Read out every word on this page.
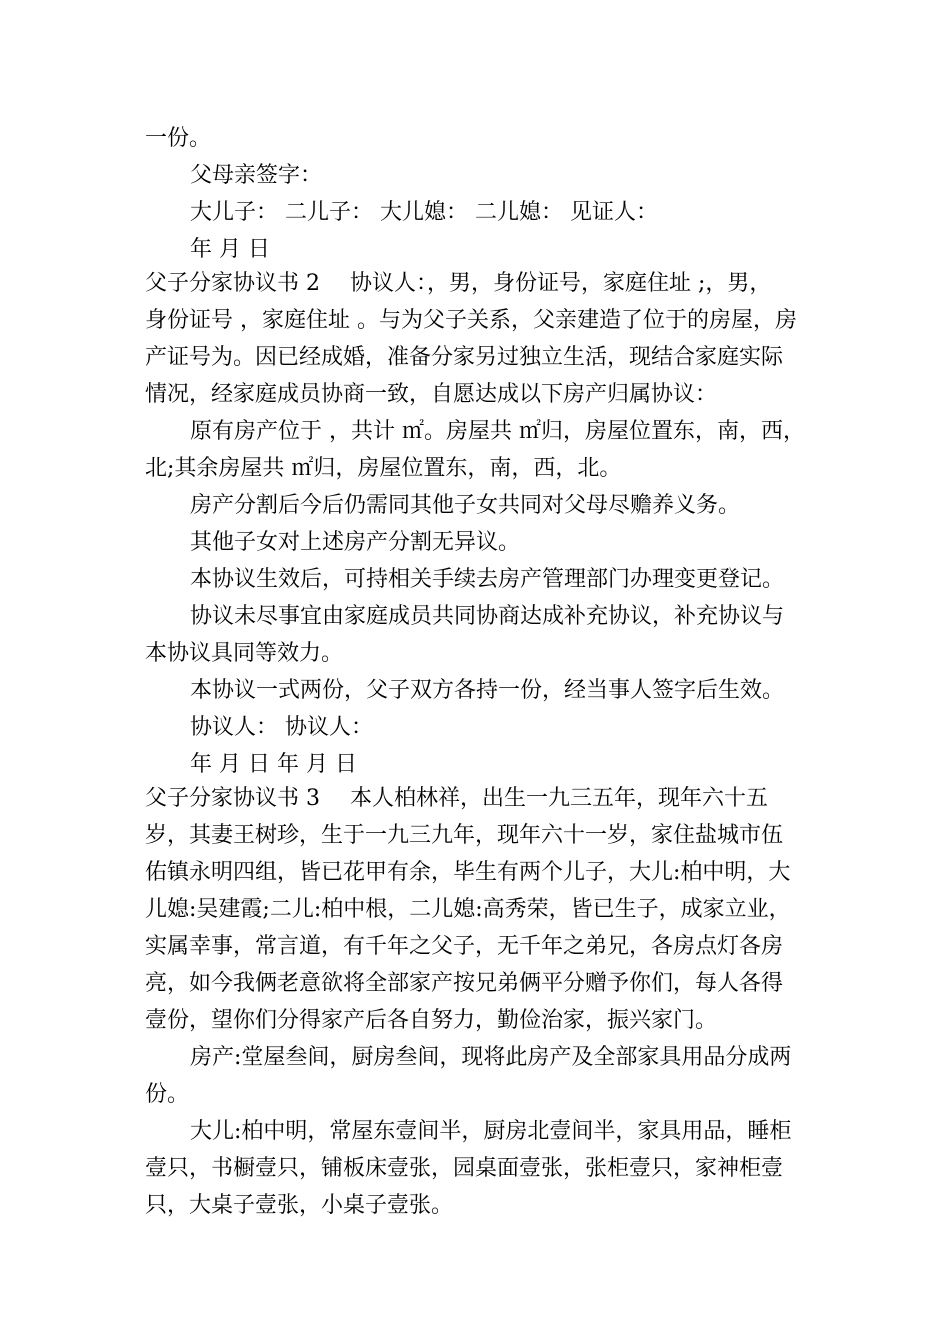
一份。
父母亲签字：
大儿子： 二儿子： 大儿媳： 二儿媳： 见证人：
年 月 日
父子分家协议书 2 协议人：，男，身份证号，家庭住址 ;，男，
身份证号 ，家庭住址 。与为父子关系，父亲建造了位于的房屋，房
产证号为。因已经成婚，准备分家另过独立生活，现结合家庭实际
情况，经家庭成员协商一致，自愿达成以下房产归属协议：
原有房产位于 ，共计 ㎡。房屋共 ㎡归，房屋位置东，南，西，
北;其余房屋共 ㎡归，房屋位置东，南，西，北。
房产分割后今后仍需同其他子女共同对父母尽赡养义务。
其他子女对上述房产分割无异议。
本协议生效后，可持相关手续去房产管理部门办理变更登记。
协议未尽事宜由家庭成员共同协商达成补充协议，补充协议与
本协议具同等效力。
本协议一式两份，父子双方各持一份，经当事人签字后生效。
协议人： 协议人：
年 月 日 年 月 日
父子分家协议书 3 本人柏林祥，出生一九三五年，现年六十五
岁，其妻王树珍，生于一九三九年，现年六十一岁，家住盐城市伍
佑镇永明四组，皆已花甲有余，毕生有两个儿子，大儿:柏中明，大
儿媳:吴建霞;二儿:柏中根，二儿媳:高秀荣，皆已生子，成家立业，
实属幸事，常言道，有千年之父子，无千年之弟兄，各房点灯各房
亮，如今我俩老意欲将全部家产按兄弟俩平分赠予你们，每人各得
壹份，望你们分得家产后各自努力，勤俭治家，振兴家门。
房产:堂屋叁间，厨房叁间，现将此房产及全部家具用品分成两
份。
大儿:柏中明，常屋东壹间半，厨房北壹间半，家具用品，睡柜
壹只，书橱壹只，铺板床壹张，园桌面壹张，张柜壹只，家神柜壹
只，大桌子壹张，小桌子壹张。
